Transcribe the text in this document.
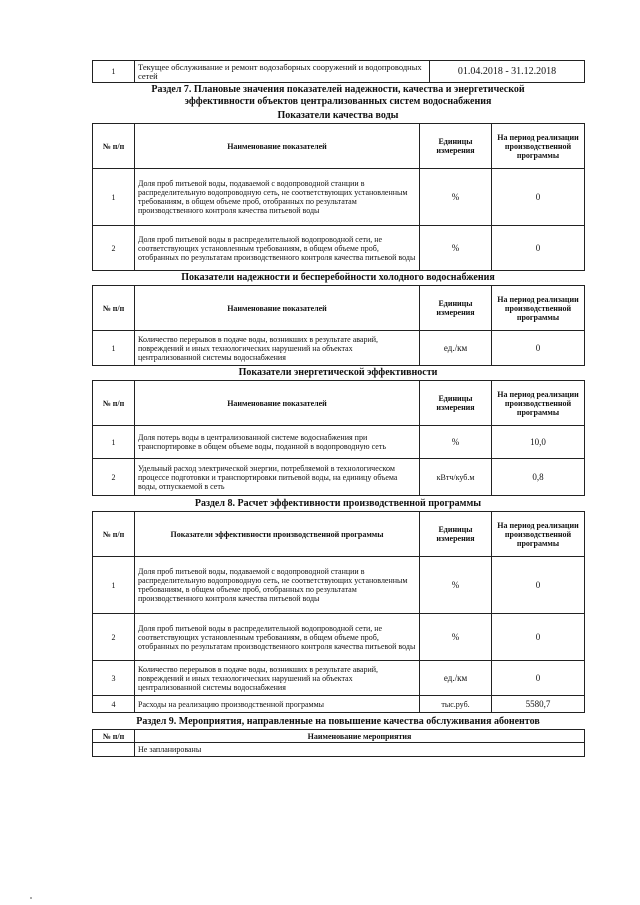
1	Текущее обслуживание и ремонт водозаборных сооружений и водопроводных сетей	01.04.2018 - 31.12.2018
Раздел 7. Плановые значения показателей надежности, качества и энергетической
эффективности объектов централизованных систем водоснабжения
Показатели качества воды
№ п/п	Наименование показателей	Единицы измерения	На период реализации производственной программы
1	Доля проб питьевой воды, подаваемой с водопроводной станции в распределительную водопроводную сеть, не соответствующих установленным требованиям, в общем объеме проб, отобранных по результатам производственного контроля качества питьевой воды	%	0
2	Доля проб питьевой воды в распределительной водопроводной сети, не соответствующих установленным требованиям, в общем объеме проб, отобранных по результатам производственного контроля качества питьевой воды	%	0
Показатели надежности и бесперебойности холодного водоснабжения
№ п/п	Наименование показателей	Единицы измерения	На период реализации производственной программы
1	Количество перерывов в подаче воды, возникших в результате аварий, повреждений и иных технологических нарушений на объектах централизованной системы водоснабжения	ед./км	0
Показатели энергетической эффективности
№ п/п	Наименование показателей	Единицы измерения	На период реализации производственной программы
1	Доля потерь воды в централизованной системе водоснабжения при транспортировке в общем объеме воды, поданной в водопроводную сеть	%	10,0
2	Удельный расход электрической энергии, потребляемой в технологическом процессе подготовки и транспортировки питьевой воды, на единицу объема воды, отпускаемой в сеть	кВтч/куб.м	0,8
Раздел 8. Расчет эффективности производственной программы
№ п/п	Показатели эффективности производственной программы	Единицы измерения	На период реализации производственной программы
1	Доля проб питьевой воды, подаваемой с водопроводной станции в распределительную водопроводную сеть, не соответствующих установленным требованиям, в общем объеме проб, отобранных по результатам производственного контроля качества питьевой воды	%	0
2	Доля проб питьевой воды в распределительной водопроводной сети, не соответствующих установленным требованиям, в общем объеме проб, отобранных по результатам производственного контроля качества питьевой воды	%	0
3	Количество перерывов в подаче воды, возникших в результате аварий, повреждений и иных технологических нарушений на объектах централизованной системы водоснабжения	ед./км	0
4	Расходы на реализацию производственной программы	тыс.руб.	5580,7
Раздел 9. Мероприятия, направленные на повышение качества обслуживания абонентов
№ п/п	Наименование мероприятия
	Не запланированы
